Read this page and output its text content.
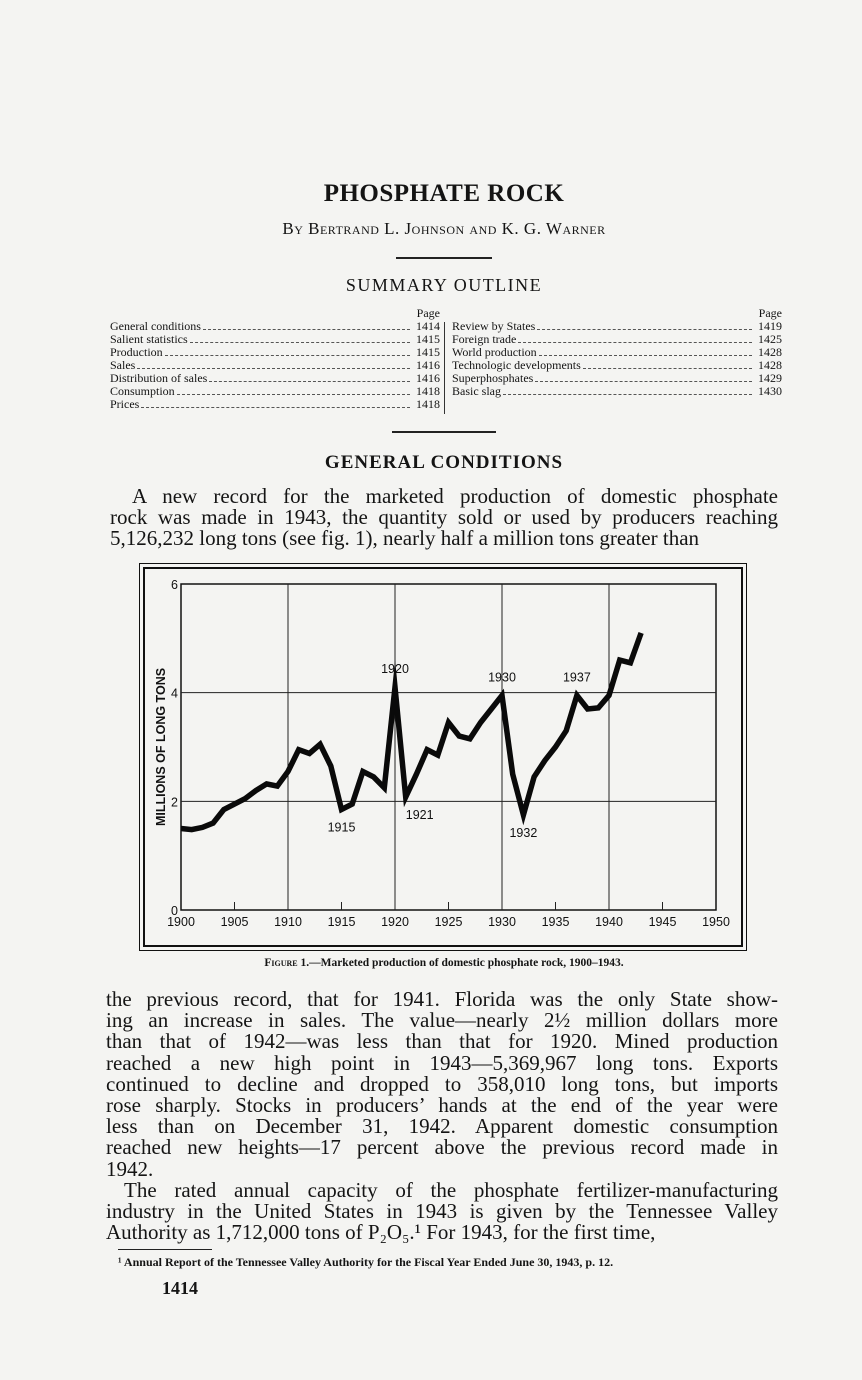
PHOSPHATE ROCK
By Bertrand L. Johnson and K. G. Warner
SUMMARY OUTLINE
Page
General conditions	1414
Salient statistics	1415
Production	1415
Sales	1416
Distribution of sales	1416
Consumption	1418
Prices	1418
Page
Review by States	1419
Foreign trade	1425
World production	1428
Technologic developments	1428
Superphosphates	1429
Basic slag	1430
GENERAL CONDITIONS
A new record for the marketed production of domestic phosphate
rock was made in 1943, the quantity sold or used by producers reaching
5,126,232 long tons (see fig. 1), nearly half a million tons greater than
1900 1905 1910 1915 1920 1925 1930 1935 1940 1945 1950
0
2
4
6
MILLIONS OF LONG TONS	1920
1930	1937
1915
1921
1932
Figure 1.—Marketed production of domestic phosphate rock, 1900–1943.
the previous record, that for 1941. Florida was the only State show-
ing an increase in sales. The value—nearly 2½ million dollars more
than that of 1942—was less than that for 1920. Mined production
reached a new high point in 1943—5,369,967 long tons. Exports
continued to decline and dropped to 358,010 long tons, but imports
rose sharply. Stocks in producers’ hands at the end of the year were
less than on December 31, 1942. Apparent domestic consumption
reached new heights—17 percent above the previous record made in
1942.
The rated annual capacity of the phosphate fertilizer-manufacturing
industry in the United States in 1943 is given by the Tennessee Valley
Authority as 1,712,000 tons of P₂O₅.¹ For 1943, for the first time,
¹ Annual Report of the Tennessee Valley Authority for the Fiscal Year Ended June 30, 1943, p. 12.
1414
